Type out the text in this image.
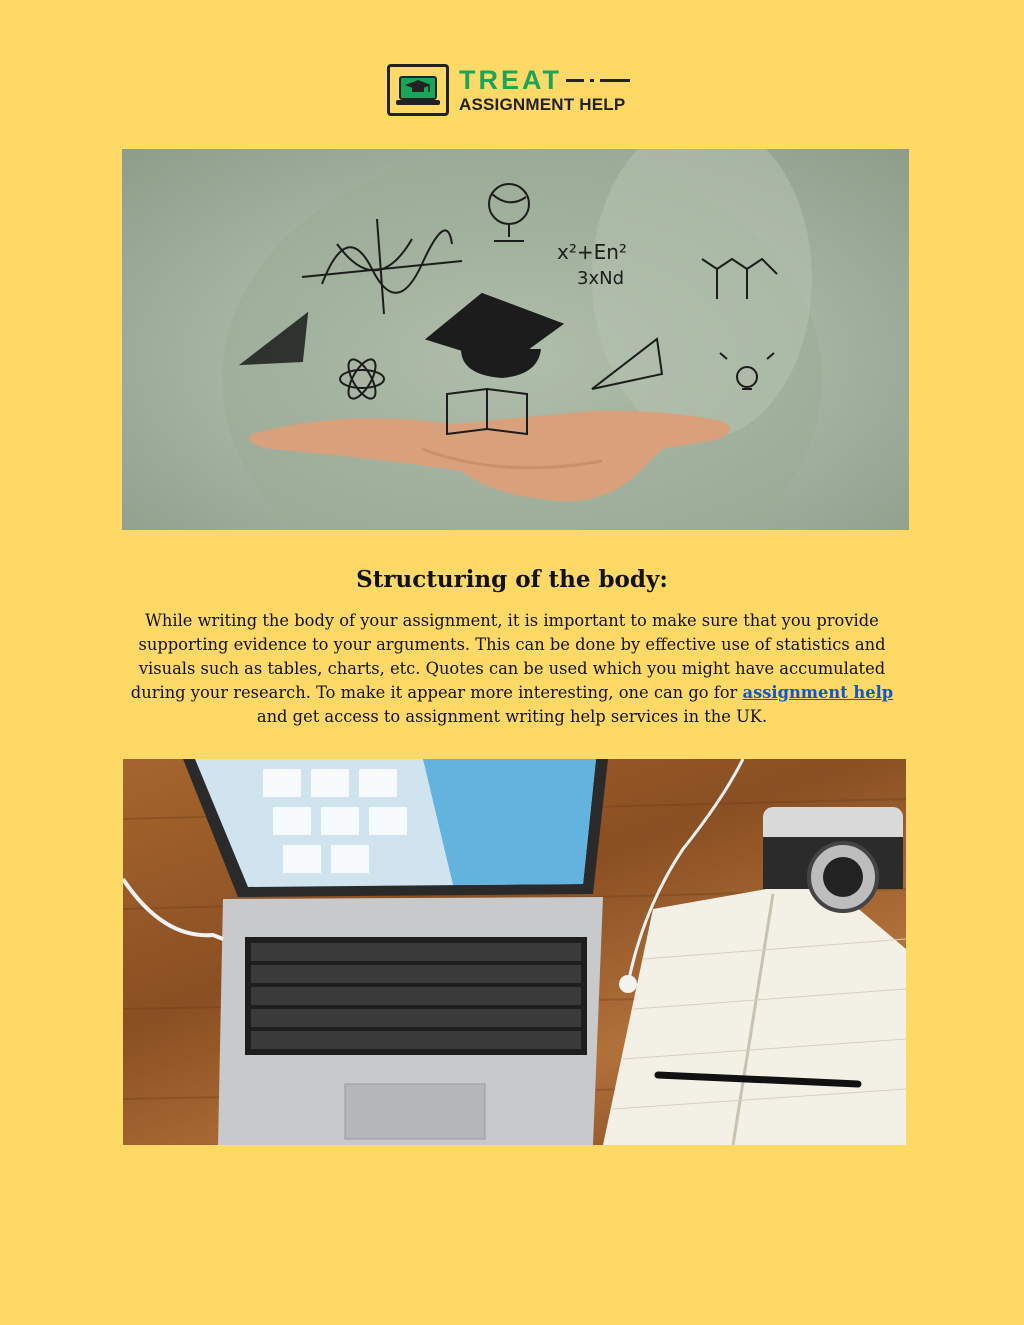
TREAT
ASSIGNMENT HELP
x²+En²
3xNd
Structuring of the body:

While writing the body of your assignment, it is important to make sure that you provide supporting evidence to your arguments. This can be done by effective use of statistics and visuals such as tables, charts, etc. Quotes can be used which you might have accumulated during your research. To make it appear more interesting, one can go for assignment help and get access to assignment writing help services in the UK.
